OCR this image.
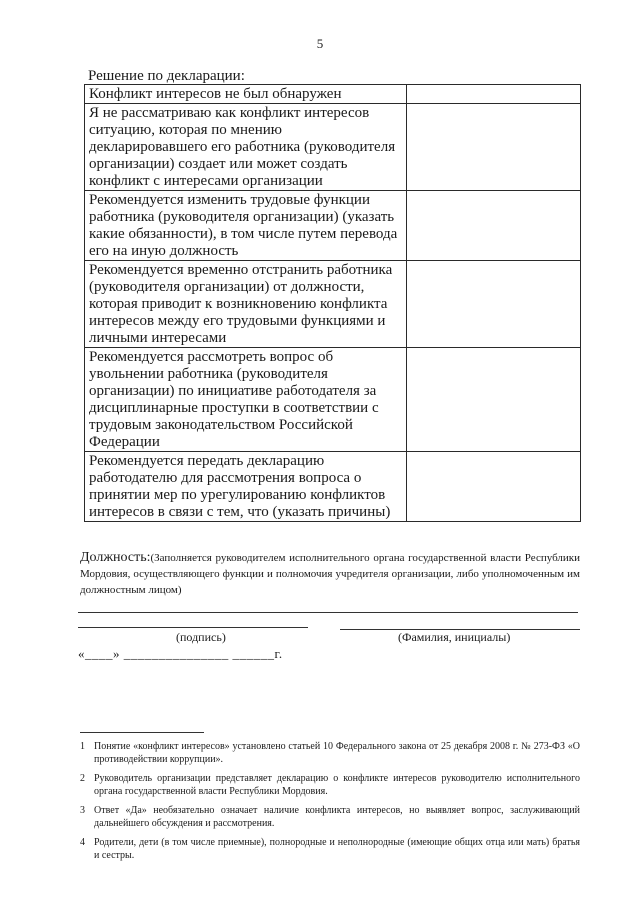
5
Решение по декларации:
Конфликт интересов не был обнаружен	
Я не рассматриваю как конфликт интересов ситуацию, которая по мнению декларировавшего его работника (руководителя организации) создает или может создать конфликт с интересами организации	
Рекомендуется изменить трудовые функции работника (руководителя организации) (указать какие обязанности), в том числе путем перевода его на иную должность	
Рекомендуется временно отстранить работника (руководителя организации) от должности, которая приводит к возникновению конфликта интересов между его трудовыми функциями и личными интересами	
Рекомендуется рассмотреть вопрос об увольнении работника (руководителя организации) по инициативе работодателя за дисциплинарные проступки в соответствии с трудовым законодательством Российской Федерации	
Рекомендуется передать декларацию работодателю для рассмотрения вопроса о принятии мер по урегулированию конфликтов интересов в связи с тем, что (указать причины)	
Должность:(Заполняется руководителем исполнительного органа государственной власти Республики Мордовия, осуществляющего функции и полномочия учредителя организации, либо уполномоченным им должностным лицом)
(подпись)	(Фамилия, инициалы)
«____» _______________ ______г.
1 Понятие «конфликт интересов» установлено статьей 10 Федерального закона от 25 декабря 2008 г. № 273-ФЗ «О противодействии коррупции».
2 Руководитель организации представляет декларацию о конфликте интересов руководителю исполнительного органа государственной власти Республики Мордовия.
3 Ответ «Да» необязательно означает наличие конфликта интересов, но выявляет вопрос, заслуживающий дальнейшего обсуждения и рассмотрения.
4 Родители, дети (в том числе приемные), полнородные и неполнородные (имеющие общих отца или мать) братья и сестры.
